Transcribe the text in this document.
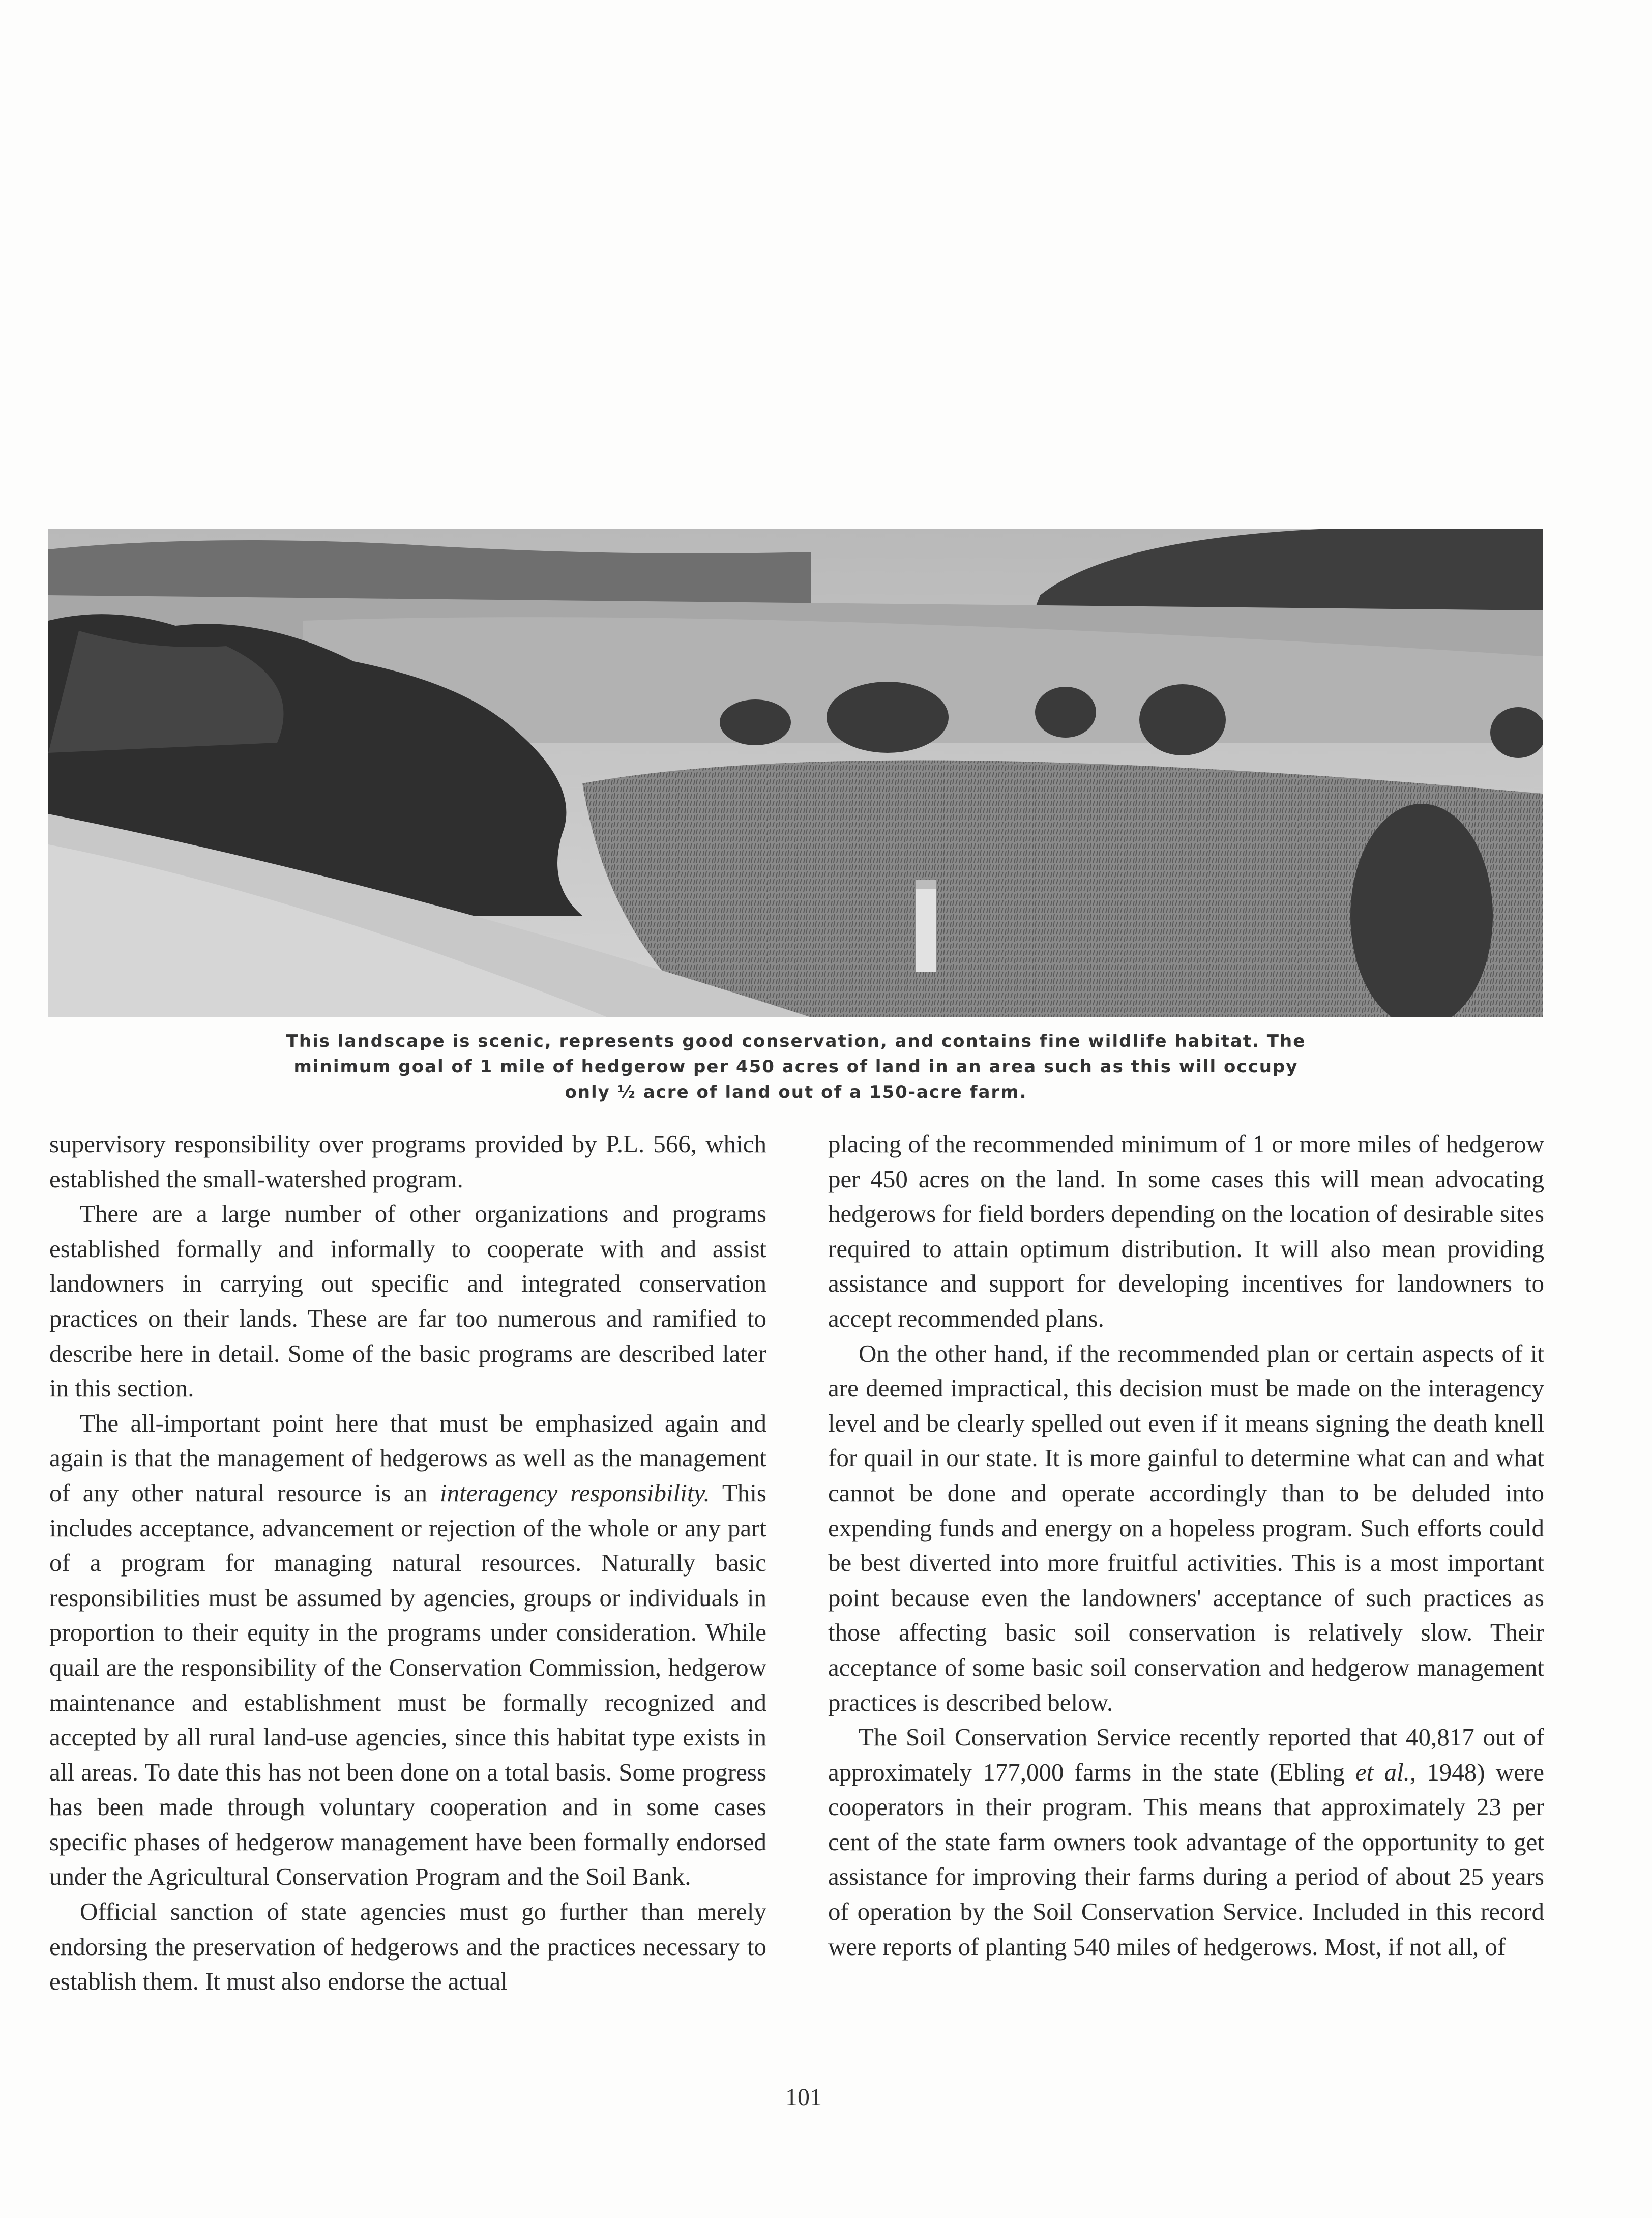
This landscape is scenic, represents good conservation, and contains fine wildlife habitat. The minimum goal of 1 mile of hedgerow per 450 acres of land in an area such as this will occupy only ½ acre of land out of a 150-acre farm.

supervisory responsibility over programs provided by P.L. 566, which established the small-watershed program.

There are a large number of other organizations and programs established formally and informally to cooperate with and assist landowners in carrying out specific and integrated conservation practices on their lands. These are far too numerous and ramified to describe here in detail. Some of the basic programs are described later in this section.

The all-important point here that must be emphasized again and again is that the management of hedgerows as well as the management of any other natural resource is an interagency responsibility. This includes acceptance, advancement or rejection of the whole or any part of a program for managing natural resources. Naturally basic responsibilities must be assumed by agencies, groups or individuals in proportion to their equity in the programs under consideration. While quail are the responsibility of the Conservation Commission, hedgerow maintenance and establishment must be formally recognized and accepted by all rural land-use agencies, since this habitat type exists in all areas. To date this has not been done on a total basis. Some progress has been made through voluntary cooperation and in some cases specific phases of hedgerow management have been formally endorsed under the Agricultural Conservation Program and the Soil Bank.

Official sanction of state agencies must go further than merely endorsing the preservation of hedgerows and the practices necessary to establish them. It must also endorse the actual

placing of the recommended minimum of 1 or more miles of hedgerow per 450 acres on the land. In some cases this will mean advocating hedgerows for field borders depending on the location of desirable sites required to attain optimum distribution. It will also mean providing assistance and support for developing incentives for landowners to accept recommended plans.

On the other hand, if the recommended plan or certain aspects of it are deemed impractical, this decision must be made on the interagency level and be clearly spelled out even if it means signing the death knell for quail in our state. It is more gainful to determine what can and what cannot be done and operate accordingly than to be deluded into expending funds and energy on a hopeless program. Such efforts could be best diverted into more fruitful activities. This is a most important point because even the landowners' acceptance of such practices as those affecting basic soil conservation is relatively slow. Their acceptance of some basic soil conservation and hedgerow management practices is described below.

The Soil Conservation Service recently reported that 40,817 out of approximately 177,000 farms in the state (Ebling et al., 1948) were cooperators in their program. This means that approximately 23 per cent of the state farm owners took advantage of the opportunity to get assistance for improving their farms during a period of about 25 years of operation by the Soil Conservation Service. Included in this record were reports of planting 540 miles of hedgerows. Most, if not all, of

101
